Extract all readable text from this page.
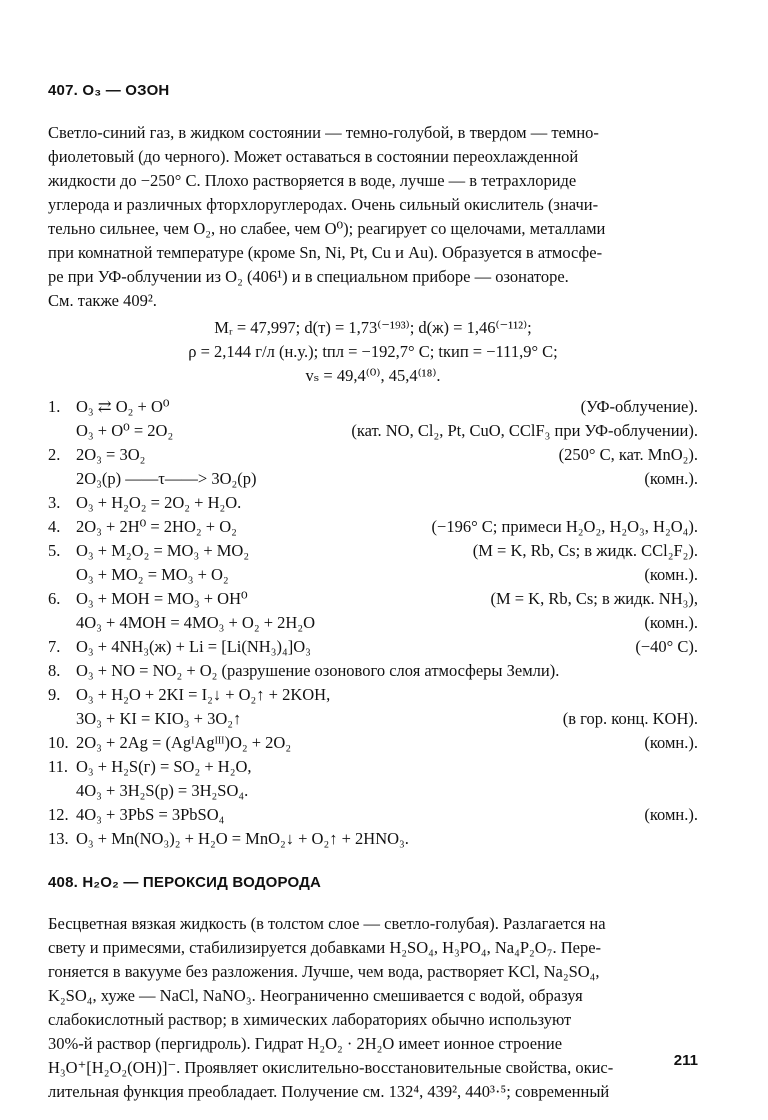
407. O₃ — ОЗОН

Светло-синий газ, в жидком состоянии — темно-голубой, в твердом — темно-

фиолетовый (до черного). Может оставаться в состоянии переохлажденной

жидкости до −250° С. Плохо растворяется в воде, лучше — в тетрахлориде

углерода и различных фторхлоруглеродах. Очень сильный окислитель (значи-

тельно сильнее, чем O₂, но слабее, чем O⁰); реагирует со щелочами, металлами

при комнатной температуре (кроме Sn, Ni, Pt, Cu и Au). Образуется в атмосфе-

ре при УФ-облучении из O₂ (406¹) и в специальном приборе — озонаторе.

См. также 409².

Mᵣ = 47,997; d(т) = 1,73⁽⁻¹⁹³⁾; d(ж) = 1,46⁽⁻¹¹²⁾;
ρ = 2,144 г/л (н.у.); tпл = −192,7° С; tкип = −111,9° С;
vₛ = 49,4⁽⁰⁾, 45,4⁽¹⁸⁾.
1. O₃ ⇄ O₂ + O⁰	(УФ-облучение).
O₃ + O⁰ = 2O₂	(кат. NO, Cl₂, Pt, CuO, CClF₃ при УФ-облучении).
2. 2O₃ = 3O₂	(250° С, кат. MnO₂).
2O₃(р) ——τ——> 3O₂(р)	(комн.).
3. O₃ + H₂O₂ = 2O₂ + H₂O.
4. 2O₃ + 2H⁰ = 2HO₂ + O₂	(−196° С; примеси H₂O₂, H₂O₃, H₂O₄).
5. O₃ + M₂O₂ = MO₃ + MO₂	(M = K, Rb, Cs; в жидк. CCl₂F₂).
O₃ + MO₂ = MO₃ + O₂	(комн.).
6. O₃ + MOH = MO₃ + OH⁰	(M = K, Rb, Cs; в жидк. NH₃),
4O₃ + 4MOH = 4MO₃ + O₂ + 2H₂O	(комн.).
7. O₃ + 4NH₃(ж) + Li = [Li(NH₃)₄]O₃	(−40° С).
8. O₃ + NO = NO₂ + O₂ (разрушение озонового слоя атмосферы Земли).
9. O₃ + H₂O + 2KI = I₂↓ + O₂↑ + 2KOH,
3O₃ + KI = KIO₃ + 3O₂↑	(в гор. конц. KOH).
10. 2O₃ + 2Ag = (AgᴵAgᴵᴵᴵ)O₂ + 2O₂	(комн.).
11. O₃ + H₂S(г) = SO₂ + H₂O,
4O₃ + 3H₂S(р) = 3H₂SO₄.
12. 4O₃ + 3PbS = 3PbSO₄	(комн.).
13. O₃ + Mn(NO₃)₂ + H₂O = MnO₂↓ + O₂↑ + 2HNO₃.
408. H₂O₂ — ПЕРОКСИД ВОДОРОДА

Бесцветная вязкая жидкость (в толстом слое — светло-голубая). Разлагается на

свету и примесями, стабилизируется добавками H₂SO₄, H₃PO₄, Na₄P₂O₇. Пере-

гоняется в вакууме без разложения. Лучше, чем вода, растворяет KCl, Na₂SO₄,

K₂SO₄, хуже — NaCl, NaNO₃. Неограниченно смешивается с водой, образуя

слабокислотный раствор; в химических лабораториях обычно используют

30%-й раствор (пергидроль). Гидрат H₂O₂ · 2H₂O имеет ионное строение

H₃O⁺[H₂O₂(OH)]⁻. Проявляет окислительно-восстановительные свойства, окис-

лительная функция преобладает. Получение см. 132⁴, 439², 440³·⁵; современный

211
